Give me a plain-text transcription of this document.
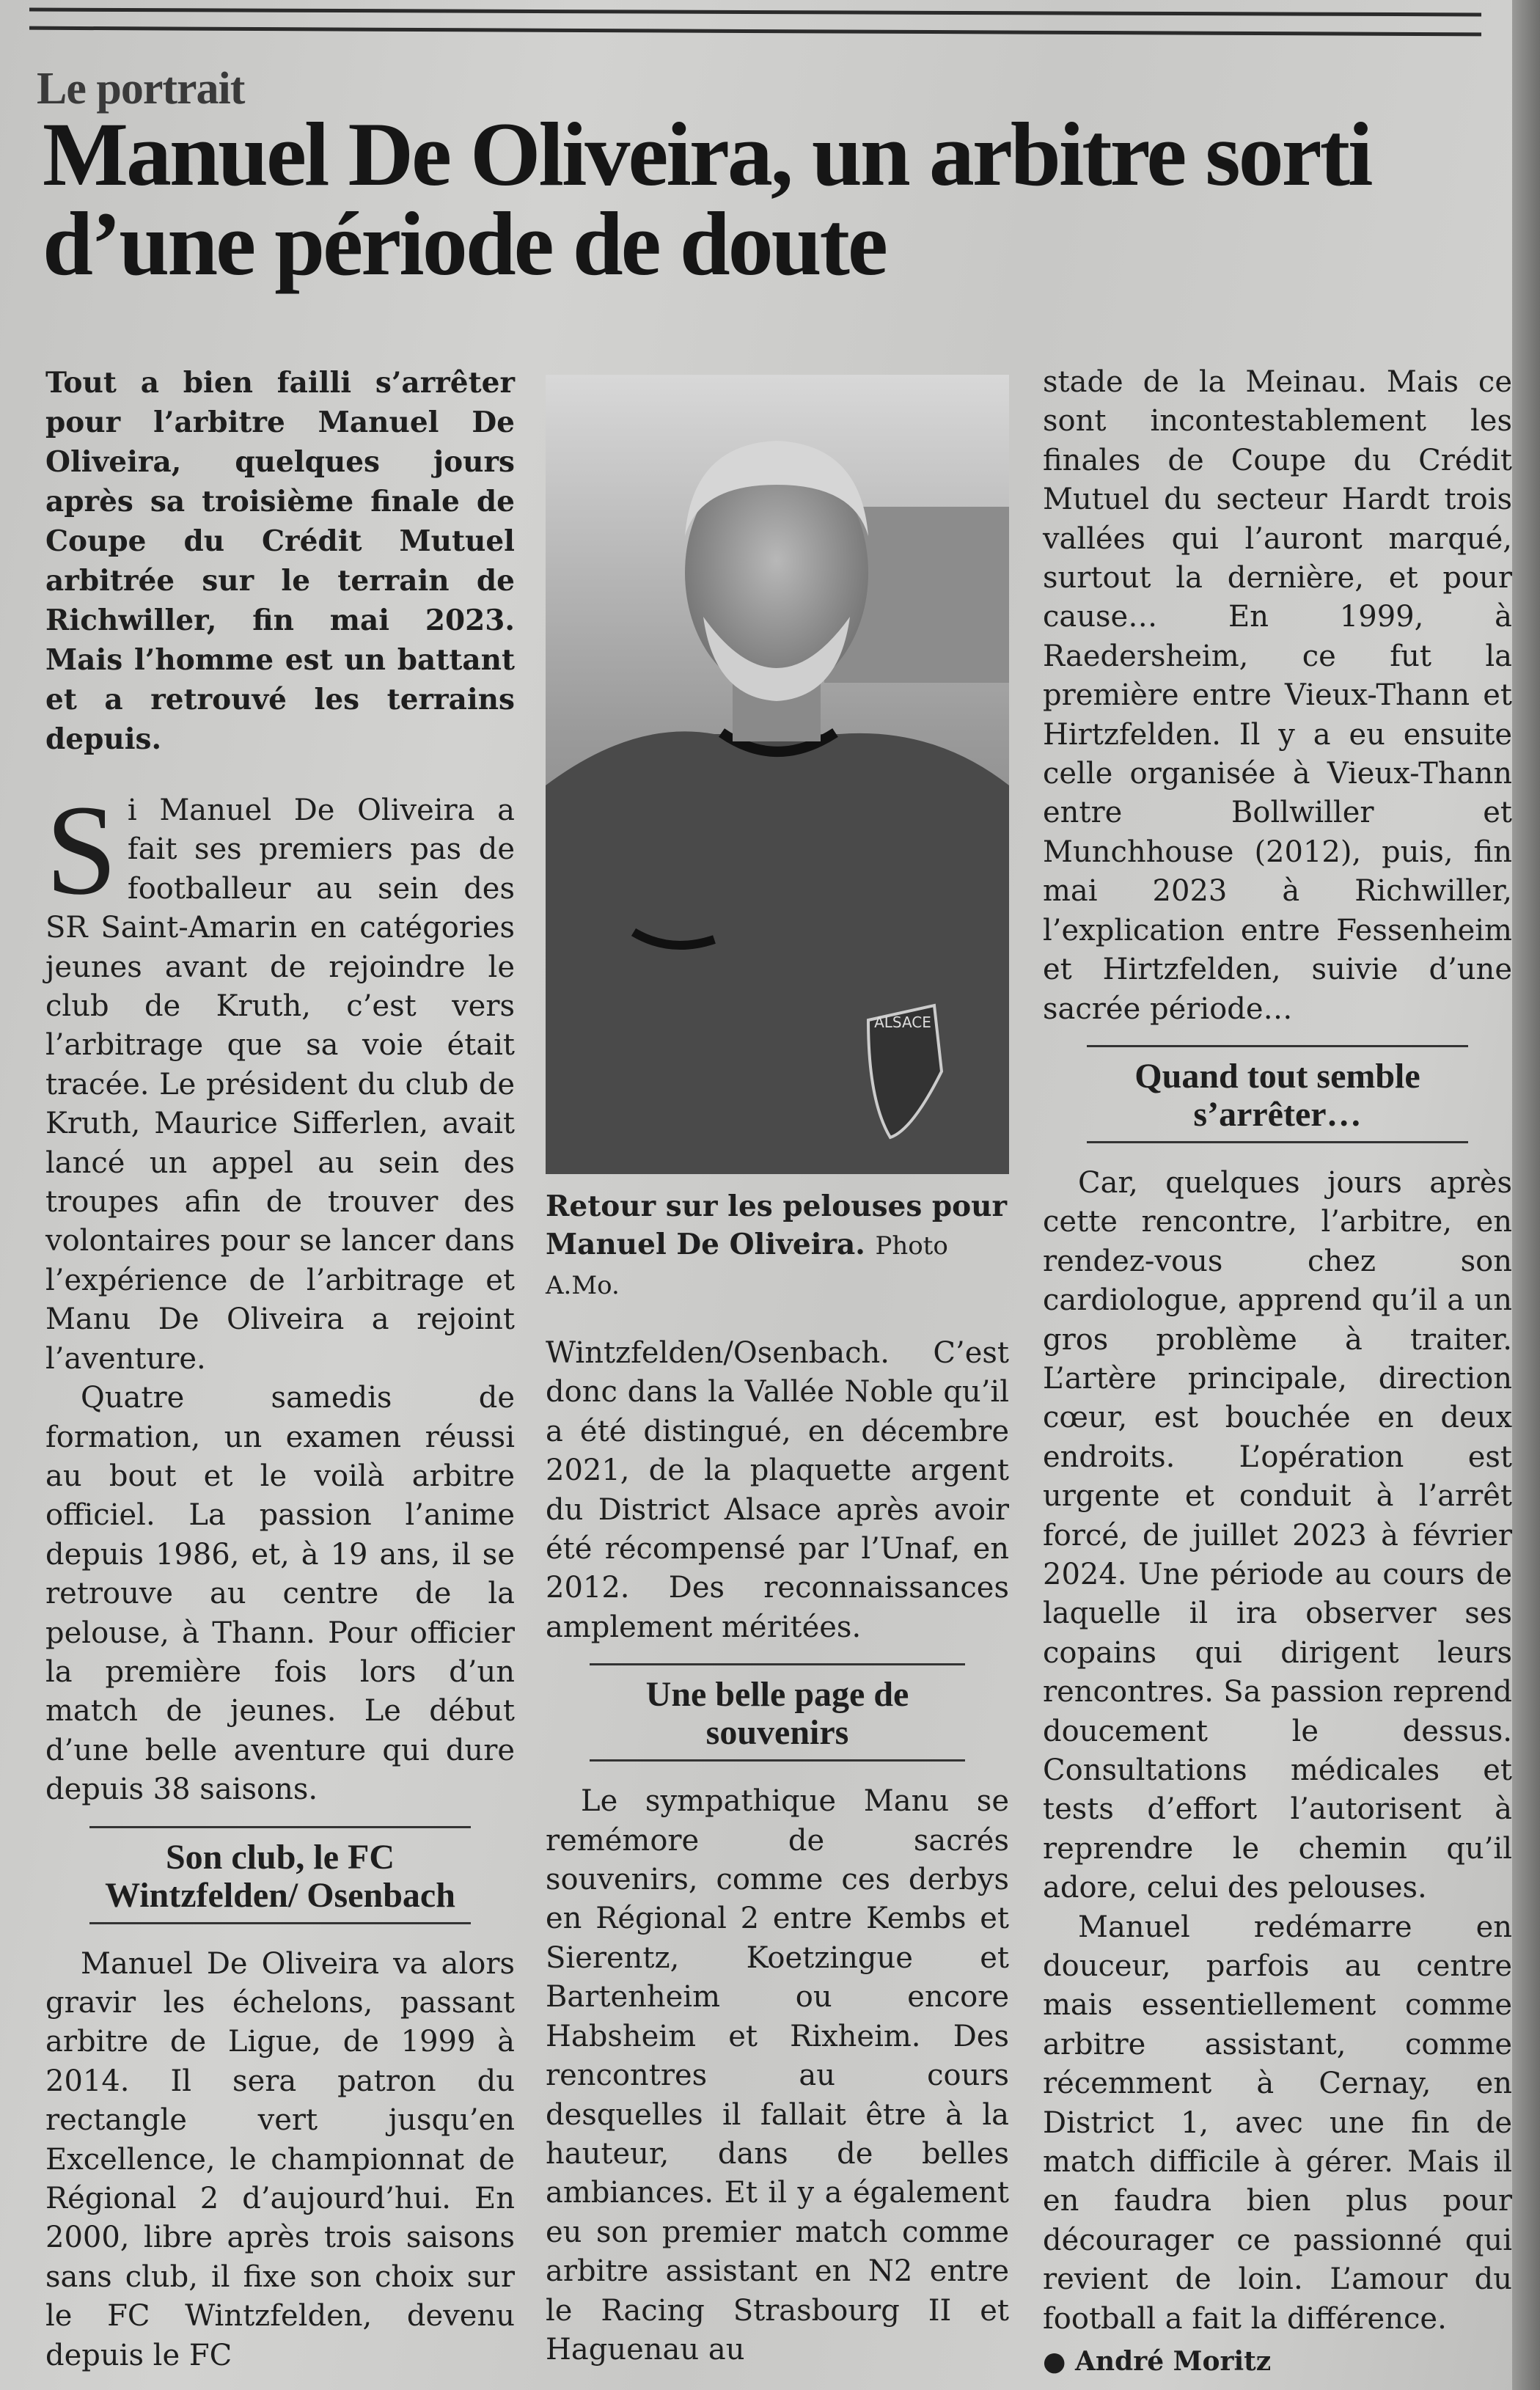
Le portrait
Manuel De Oliveira, un arbitre sorti d’une période de doute

Tout a bien failli s’arrêter pour l’arbitre Manuel De Oliveira, quelques jours après sa troisième finale de Coupe du Crédit Mutuel arbitrée sur le terrain de Richwiller, fin mai 2023. Mais l’homme est un battant et a retrouvé les terrains depuis.

S i Manuel De Oliveira a fait ses premiers pas de footballeur au sein des SR Saint-Amarin en catégories jeunes avant de rejoindre le club de Kruth, c’est vers l’arbitrage que sa voie était tracée. Le président du club de Kruth, Maurice Sifferlen, avait lancé un appel au sein des troupes afin de trouver des volontaires pour se lancer dans l’expérience de l’arbitrage et Manu De Oliveira a rejoint l’aventure.

Quatre samedis de formation, un examen réussi au bout et le voilà arbitre officiel. La passion l’anime depuis 1986, et, à 19 ans, il se retrouve au centre de la pelouse, à Thann. Pour officier la première fois lors d’un match de jeunes. Le début d’une belle aventure qui dure depuis 38 saisons.

Son club, le FC Wintzfelden/ Osenbach

Manuel De Oliveira va alors gravir les échelons, passant arbitre de Ligue, de 1999 à 2014. Il sera patron du rectangle vert jusqu’en Excellence, le championnat de Régional 2 d’aujourd’hui. En 2000, libre après trois saisons sans club, il fixe son choix sur le FC Wintzfelden, devenu depuis le FC

ALSACE

Retour sur les pelouses pour Manuel De Oliveira. Photo A.Mo.

Wintzfelden/Osenbach. C’est donc dans la Vallée Noble qu’il a été distingué, en décembre 2021, de la plaquette argent du District Alsace après avoir été récompensé par l’Unaf, en 2012. Des reconnaissances amplement méritées.

Une belle page de souvenirs

Le sympathique Manu se remémore de sacrés souvenirs, comme ces derbys en Régional 2 entre Kembs et Sierentz, Koetzingue et Bartenheim ou encore Habsheim et Rixheim. Des rencontres au cours desquelles il fallait être à la hauteur, dans de belles ambiances. Et il y a également eu son premier match comme arbitre assistant en N2 entre le Racing Strasbourg II et Haguenau au

stade de la Meinau. Mais ce sont incontestablement les finales de Coupe du Crédit Mutuel du secteur Hardt trois vallées qui l’auront marqué, surtout la dernière, et pour cause… En 1999, à Raedersheim, ce fut la première entre Vieux-Thann et Hirtzfelden. Il y a eu ensuite celle organisée à Vieux-Thann entre Bollwiller et Munchhouse (2012), puis, fin mai 2023 à Richwiller, l’explication entre Fessenheim et Hirtzfelden, suivie d’une sacrée période…

Quand tout semble s’arrêter…

Car, quelques jours après cette rencontre, l’arbitre, en rendez-vous chez son cardiologue, apprend qu’il a un gros problème à traiter. L’artère principale, direction cœur, est bouchée en deux endroits. L’opération est urgente et conduit à l’arrêt forcé, de juillet 2023 à février 2024. Une période au cours de laquelle il ira observer ses copains qui dirigent leurs rencontres. Sa passion reprend doucement le dessus. Consultations médicales et tests d’effort l’autorisent à reprendre le chemin qu’il adore, celui des pelouses.

Manuel redémarre en douceur, parfois au centre mais essentiellement comme arbitre assistant, comme récemment à Cernay, en District 1, avec une fin de match difficile à gérer. Mais il en faudra bien plus pour décourager ce passionné qui revient de loin. L’amour du football a fait la différence.

● André Moritz
